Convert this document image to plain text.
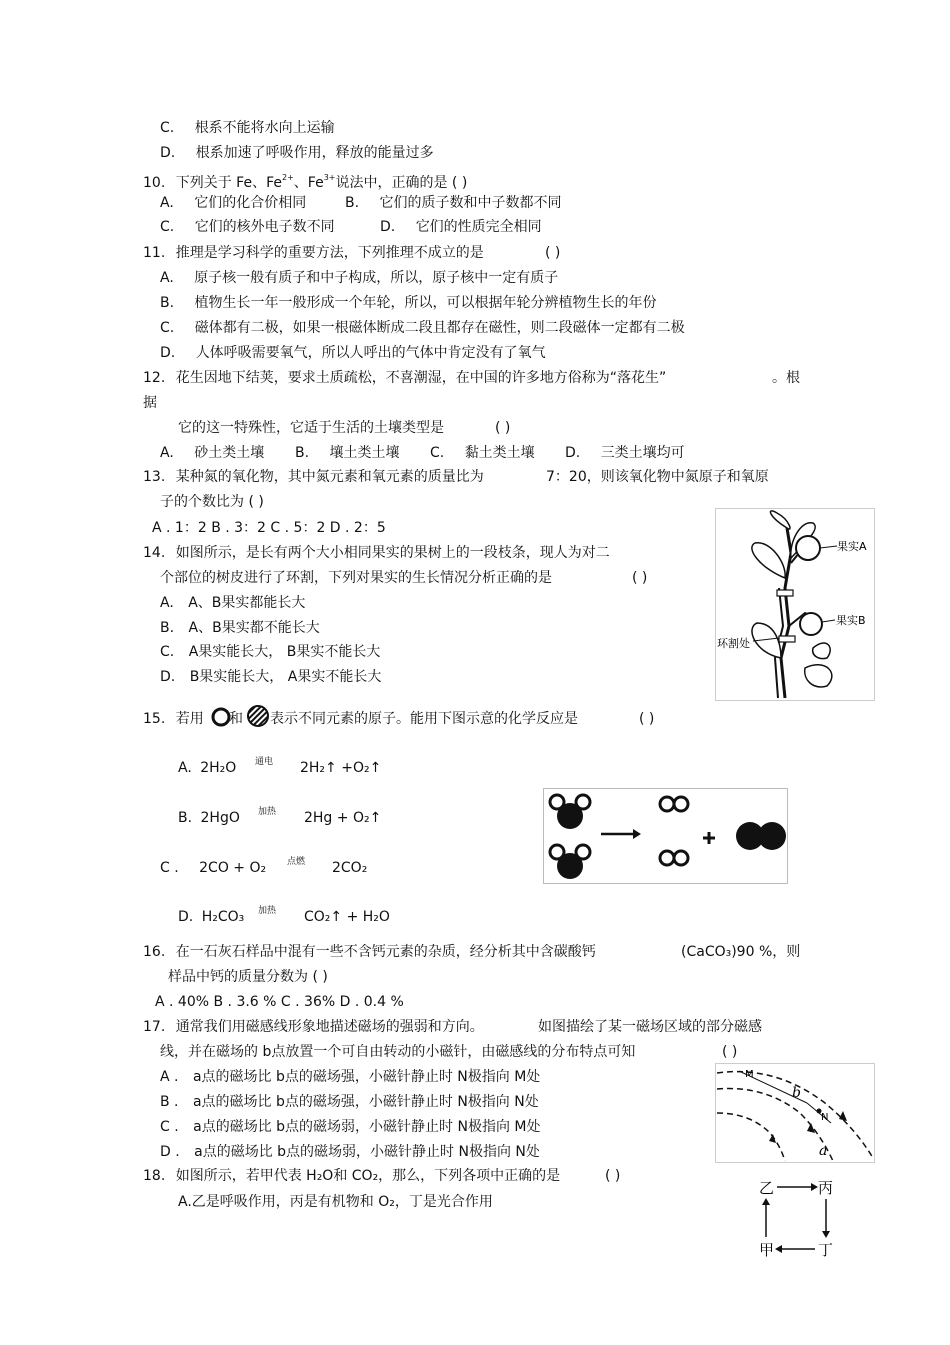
C. 根系不能将水向上运输
D. 根系加速了呼吸作用，释放的能量过多
10. 下列关于 Fe、$Fe^{2+}$、$Fe^{3+}$说法中，正确的是 ( )
A. 它们的化合价相同	B. 它们的质子数和中子数都不同
C. 它们的核外电子数不同	D. 它们的性质完全相同
11. 推理是学习科学的重要方法，下列推理不成立的是	( )
A. 原子核一般有质子和中子构成，所以，原子核中一定有质子
B. 植物生长一年一般形成一个年轮，所以，可以根据年轮分辨植物生长的年份
C. 磁体都有二极，如果一根磁体断成二段且都存在磁性，则二段磁体一定都有二极
D. 人体呼吸需要氧气，所以人呼出的气体中肯定没有了氧气
12. 花生因地下结荚，要求土质疏松，不喜潮湿，在中国的许多地方俗称为“落花生”	。根
据
它的这一特殊性，它适于生活的土壤类型是	( )
A. 砂土类土壤 B. 壤土类土壤 C. 黏土类土壤 D. 三类土壤均可
13. 某种氮的氧化物，其中氮元素和氧元素的质量比为	7：20，则该氧化物中氮原子和氧原
子的个数比为 ( )
A . 1：2 B . 3：2 C . 5：2 D . 2：5
14. 如图所示，是长有两个大小相同果实的果树上的一段枝条，现人为对二
个部位的树皮进行了环割，下列对果实的生长情况分析正确的是	( )
A. A、B果实都能长大
B. A、B果实都不能长大
C. A果实能长大， B果实不能长大
D. B果实能长大， A果实不能长大
果实A
果实B
环割处
15. 若用 和 表示不同元素的原子。能用下图示意的化学反应是	( )
A. 2H₂O 通电 2H₂↑ +O₂↑
B. 2HgO 加热 2Hg + O₂↑
C . 2CO + O₂ 点燃 2CO₂
D. H₂CO₃ 加热 CO₂↑ + H₂O
16. 在一石灰石样品中混有一些不含钙元素的杂质，经分析其中含碳酸钙	(CaCO₃)90 %，则
样品中钙的质量分数为 ( )
A . 40% B . 3.6 % C . 36% D . 0.4 %
17. 通常我们用磁感线形象地描述磁场的强弱和方向。	如图描绘了某一磁场区域的部分磁感
线，并在磁场的 b点放置一个可自由转动的小磁针，由磁感线的分布特点可知	( )
A . a点的磁场比 b点的磁场强，小磁针静止时 N极指向 M处
B . a点的磁场比 b点的磁场强，小磁针静止时 N极指向 N处
C . a点的磁场比 b点的磁场弱，小磁针静止时 N极指向 M处
D . a点的磁场比 b点的磁场弱，小磁针静止时 N极指向 N处
M
b
N
a
18. 如图所示，若甲代表 H₂O和 CO₂，那么，下列各项中正确的是	( )
A.乙是呼吸作用，丙是有机物和 O₂，丁是光合作用
乙	丙
甲	丁
